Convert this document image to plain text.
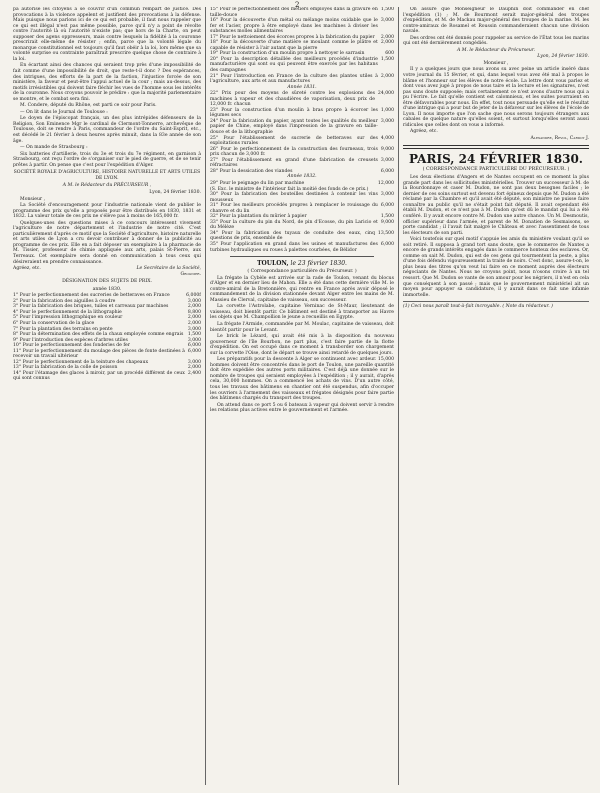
2

pa autorise les citoyens à se couvrir d'un commun rempart de justice. Des provocations à la violence appelent et justifient des provocations à la défense. Mais puisque nous parlons ici de ce qui est probable, il faut nous rappeler que ce qui est illégal n'est pas même possible, parce qu'il n'y a point de révolte contre l'autorité là où l'autorité n'existe pas; que hors de la Charte, on peut supposer des agens oppresseurs, mais contre lesquels la fidélité à la couronne prescrirait elle-même de résister ; enfin, parce que la volonté légale du monarque constitutionnel est toujours qu'il faut obéir à la loi, lors même que sa volonté surprise ou contrainte paraîtrait prescrire quelque chose de contraire à la loi.

En écartant ainsi des chances qui seraient trop près d'une impossibilité de fait comme d'une impossibilité de droit, que reste-t-il donc ? Des espérances, des intrigues, des efforts de la part de la faction, l'injustice forcée de son ministère, la faveur et peut-être l'appui actuel de la cour ; mais au-dessus, des motifs irrésistibles qui doivent faire fléchir les vues de l'homme sous les intérêts de la couronne. Nous croyons pouvoir le prédire : que la majorité parlementaire se montre, et le combat sera fini.

M. Condere, député du Rhône, est parti ce soir pour Paris.

— On lit dans le Journal de Toulouse :

Le doyen de l'épiscopat français, un des plus intrépides défenseurs de la Religion, Son Eminence Mgr le cardinal de Clermont-Tonnerre, archevêque de Toulouse, doit se rendre à Paris, commandeur de l'ordre du Saint-Esprit, etc., est décédé le 21 février à deux heures après minuit, dans la 83e année de son âge.

— On mande de Strasbourg :

Six batteries d'artillerie, trois du 3e et trois du 7e régiment, en garnison à Strasbourg, ont reçu l'ordre de s'organiser sur le pied de guerre, et de se tenir prêtes à partir. On pense que c'est pour l'expédition d'Alger.

SOCIÉTÉ ROYALE D'AGRICULTURE, HISTOIRE NATURELLE ET ARTS UTILES DE LYON.

A M. le Rédacteur du PRÉCURSEUR ,

Lyon, 24 février 1830.

Monsieur ,

La Société d'encouragement pour l'industrie nationale vient de publier le programme des prix qu'elle a proposés pour être distribués en 1830, 1831 et 1832. La valeur totale de ces prix ne s'élève pas à moins de 165,000 fr.

Quelques-unes des questions mises à ce concours intéressent vivement l'agriculture de notre département et l'industrie de notre cité. C'est particulièrement d'après ce motif que la Société d'agriculture, histoire naturelle et arts utiles de Lyon a cru devoir contribuer à donner de la publicité au programme de ces prix. Elle en a fait déposer un exemplaire à la pharmacie de M. Tissier, professeur de chimie appliquée aux arts, palais St-Pierre, aux Terreaux. Cet exemplaire sera donné en communication à tous ceux qui désireraient en prendre connaissance.

Agréez, etc.	Le Secrétaire de la Société,

Grognier.

DÉSIGNATION DES SUJETS DE PRIX.

année 1830.

1° Pour le perfectionnement des sucreries de betteraves en France	6,000f
2° Pour la fabrication des aiguilles à coudre	3,000
3° Pour la fabrication des briques, tuiles et carreaux par machines	2,000
4° Pour le perfectionnement de la lithographie	8,800
5° Pour l'impression lithographique en couleur	2,000
6° Pour la conservation de la glace	2,000
7° Pour la plantation des terrains en pente	3,000
8° Pour la détermination des effets de la chaux employée comme engrais 1,500
9° Pour l'introduction des espèces d'arbres utiles	3,000
10° Pour le perfectionnement des fonderies de fer	6,000
11° Pour le perfectionnement du moulage des pièces de fonte destinées à recevoir un travail ultérieur
6,000
12° Pour le perfectionnement de la teinture des chapeaux	3,000
13° Pour la fabrication de la colle de poisson	2,000
14° Pour l'étamage des glaces à miroir, par un procédé différent de ceux qui sont connus
2,400
15° Pour le perfectionnement des métiers employés dans la gravure en taille-douce
1,500
16° Pour la découverte d'un métal ou mélange moins oxidable que le fer et l'acier, propre à être employé dans les machines à diviser les substances molles alimentaires
3,000
17° Pour le nettoiement des écorces propres à la fabrication du papier	2,000
18° Pour la découverte d'une matière se moulant comme le plâtre et capable de résister à l'air autant que la pierre
2,000
19° Pour la construction d'un moulin propre à nettoyer le sarrasin	600
20° Pour la description détaillée des meilleurs procédés d'industrie manufacturière qui sont ou qui peuvent être exercés par les habitans des campagnes
1,500
21° Pour l'introduction en France de la culture des plantes utiles à l'agriculture, aux arts et aux manufactures
2,000

Année 1831.

22° Prix pour des moyens de sûreté contre les explosions des machines à vapeur et des chaudières de vaporisation, deux prix de 12,000 fr. chacun
24,000
23° Pour la construction d'un moulin à bras propre à écorcer les légumes secs
1,000
24° Pour la fabrication du papier, ayant toutes les qualités du meilleur papier de Chine, employé dans l'impression de la gravure en taille-douce et de la lithographie
3,000
25° Pour l'établissement de sucrerie de betteraves sur des exploitations rurales
4,000
26° Pour le perfectionnement de la construction des fourneaux, trois prix chacun de 3,000 fr.
9,000
27° Pour l'établissement en grand d'une fabrication de creusets réfractaires
3,000
28° Pour la dessication des viandes	6,000

Année 1832.

29° Pour le peignage du lin par machine	12,000
(S. Exc. le ministre de l'intérieur fait la moitié des fonds de ce prix.)
30° Pour la fabrication des bouteilles destinées à contenir les vins mousseux
3,000
31° Pour les meilleurs procédés propres à remplacer le rouissage du chanvre et du lin
6,000
32° Pour la plantation du mûrier à papier	1,500
33° Pour la culture du pin du Nord, de pin d'Ecosse, du pin Laricio et du Mélèze
9,000
34° Pour la fabrication des tuyaux de conduite des eaux, cinq questions de prix, ensemble de
13,500
35° Pour l'application en grand dans les usines et manufactures des turbines hydrauliques ou roues à palettes courbées, de Bélidor
6,000

TOULON, le 23 février 1830.

( Correspondance particulière du Précurseur. )

La frégate la Cybèle est arrivée sur la rade de Toulon, venant du blocus d'Alger et en dernier lieu de Mahon. Elle a été dans cette dernière ville M. le contre-amiral de la Bretonnière, qui rentre en France après avoir déposé le commandement de la division stationnée devant Alger entre les mains de M. Massieu de Clerval, capitaine de vaisseau, son successeur.

La corvette l'Astrolabe, capitaine Verninac de St-Maur, lieutenant de vaisseau, doit bientôt partir. Ce bâtiment est destiné à transporter au Havre les objets que M. Champollion le jeune a recueillis en Egypte.

La frégate l'Armide, commandée par M. Moulac, capitaine de vaisseau, doit bientôt partir pour le Levant.

Le brick le Lézard, qui avait été mis à la disposition du nouveau gouverneur de l'île Bourbon, ne part plus, c'est faire partie de la flotte d'expédition. On est occupé dans ce moment à transborder son chargement sur la corvette l'Oise, dont le départ se trouve ainsi retardé de quelques jours.

Les préparatifs pour la descente à Alger se continuent avec ardeur. 15,000 hommes doivent être concentrés dans le port de Toulon, une pareille quantité doit être expédiée des autres ports militaires. C'est déjà une donnée sur le nombre de troupes qui seraient employées à l'expédition ; il y aurait, d'après cela, 30,000 hommes. On a commencé les achats de vins. D'un autre côté, tous les travaux des bâtimens en chantier ont été suspendus, afin d'occuper les ouvriers à l'armement des vaisseaux et frégates désignés pour faire partie des bâtimens chargés du transport des troupes.

On attend dans ce port 5 ou 6 bateaux à vapeur qui doivent servir à rendre les relations plus actives entre le gouvernement et l'armée.

On assure que Monseigneur le Dauphin doit commander en chef l'expédition (1) ; M. de Bourmont serait major-général des troupes d'expédition, et M. de Mackau major-général des troupes de la marine. M. les contre-amiraux de Rosamel et Roussin commanderaient chacun une division navale.

Des ordres ont été donnés pour rappeler au service de l'État tous les marins qui ont été dernièrement congédiés.

A M. le Rédacteur du Précurseur.

Lyon, 24 février 1830.

Monsieur ,

Il y a quelques jours que nous avons su avec peine un article inséré dans votre journal du 15 février, et qui, dans lequel vous avez été mal à propos le blâme et l'honneur sur les élèves de notre école. La lettre dont vous parlez et dont vous avez jugé à propos de nous taire et la lecture et les signatures, n'est pas sans doute supposée; mais certainement ce n'est avons d'autre nous qui a pu l'écrire. Le fait qu'elle contient est calomnieux, et les suites pourraient en être défavorables pour nous. En effet, tout nous persuade qu'elle est le résultat d'une intrigue qui a pour but de jeter de la défaveur sur les élèves de l'école de Lyon. Il nous importe que l'on sache que nous serons toujours étrangers aux cabales de quelque nature qu'elles soient, et surtout lorsqu'elles seront aussi ridicules que celles dont on vous a informé.

Agréez, etc.

Alexandre, Revol, Cardot J.

PARIS, 24 FÉVRIER 1830.

( CORRESPONDANCE PARTICULIÈRE DU PRÉCURSEUR. )

Les deux élections d'Angers et de Nantes occupent en ce moment la plus grande part dans les sollicitudes ministérielles. Trouver un successeur à M. de la Bourdonnaye et caser M. Dudon, ne sont pas deux besognes faciles ; le dernier de ces soins surtout est devenu fort épineux depuis que M. Dudon a été réclamé par la Chambre et qu'il avait été député, son ministre ne puisse faire connaître au public qu'il ne s'était point fait député. Il avait cependant été établi M. Dudon, et ce n'est pas à M. Dudon qu'est dû le mandat qui lui a été conféré. Il y avait encore contre M. Dudon une autre chance. Un M. Desmoutis, officier supérieur dans l'armée, et parent de M. Donatien de Sesmaisons, se porte candidat ; il l'avait fait malgré le Château et avec l'assentiment de tous les électeurs de son parti.

Voici toutefois sur quel motif s'appuie les amis du ministère voulant qu'il se soit retiré. Il supposa à grand tort sans doute, que le commerce de Nantes a encore de grands intérêts engagés dans le commerce honteux des esclaves. Or, comme on sait M. Dudon, qui est de ces gens qui tourmentent la peste, a plus d'une fois défendu vigoureusement la traite de noirs. C'est donc, assure-t-on, le plus beau des titres qu'on veut lui faire en ce moment auprès des électeurs négociants de Nantes. Nous ne croyons point, nous n'osons croire à un tel ressort. Que M. Dudon se vante de son amour pour les négriers, il n'est en cela que conséquent à son passé ; mais que le gouvernement ministériel ait un moyen pour appuyer sa candidature, il y aurait dans ce fait une infamie immortelle.

(1) Ceci nous paraît tout-à-fait incroyable. ( Note du rédacteur. )
